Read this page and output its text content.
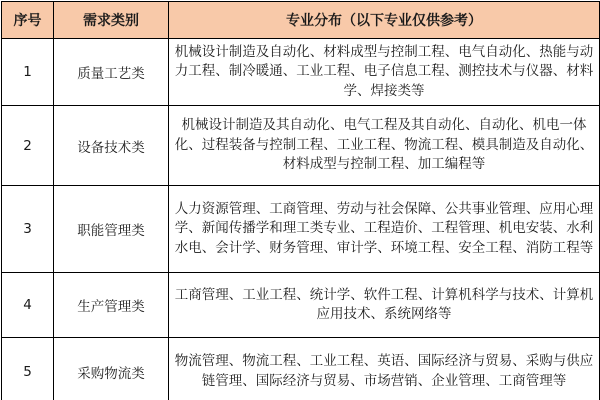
序号	需求类别	专业分布（以下专业仅供参考）
1	质量工艺类	机械设计制造及自动化、材料成型与控制工程、电气自动化、热能与动力工程、制冷暖通、工业工程、电子信息工程、测控技术与仪器、材料学、焊接类等
2	设备技术类	机械设计制造及其自动化、电气工程及其自动化、自动化、机电一体化、过程装备与控制工程、工业工程、物流工程、模具制造及自动化、材料成型与控制工程、加工编程等
3	职能管理类	人力资源管理、工商管理、劳动与社会保障、公共事业管理、应用心理学、新闻传播学和理工类专业、工程造价、工程管理、机电安装、水利水电、会计学、财务管理、审计学、环境工程、安全工程、消防工程等
4	生产管理类	工商管理、工业工程、统计学、软件工程、计算机科学与技术、计算机应用技术、系统网络等
5	采购物流类	物流管理、物流工程、工业工程、英语、国际经济与贸易、采购与供应链管理、国际经济与贸易、市场营销、企业管理、工商管理等
